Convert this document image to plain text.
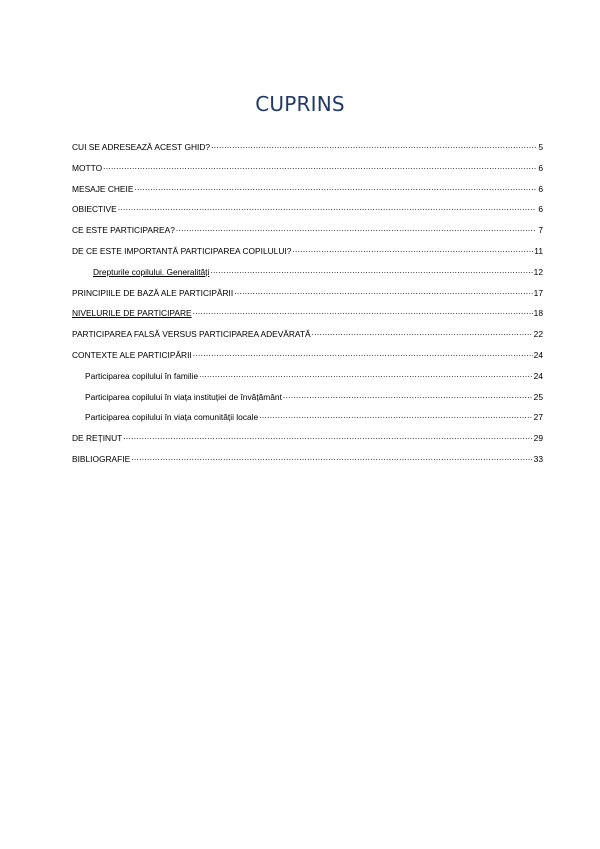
CUPRINS
CUI SE ADRESEAZĂ ACEST GHID? .....	5
MOTTO .....	6
MESAJE CHEIE .....	6
OBIECTIVE .....	6
CE ESTE PARTICIPAREA? .....	7
DE CE ESTE IMPORTANTĂ PARTICIPAREA COPILULUI? .....	11
Drepturile copilului. Generalități .....	12
PRINCIPIILE DE BAZĂ ALE PARTICIPĂRII .....	17
NIVELURILE DE PARTICIPARE .....	18
PARTICIPAREA FALSĂ VERSUS PARTICIPAREA ADEVĂRATĂ .....	22
CONTEXTE ALE PARTICIPĂRII .....	24
Participarea copilului în familie .....	24
Participarea copilului în viața instituției de învățământ .....	25
Participarea copilului în viața comunității locale .....	27
DE REȚINUT .....	29
BIBLIOGRAFIE .....	33
